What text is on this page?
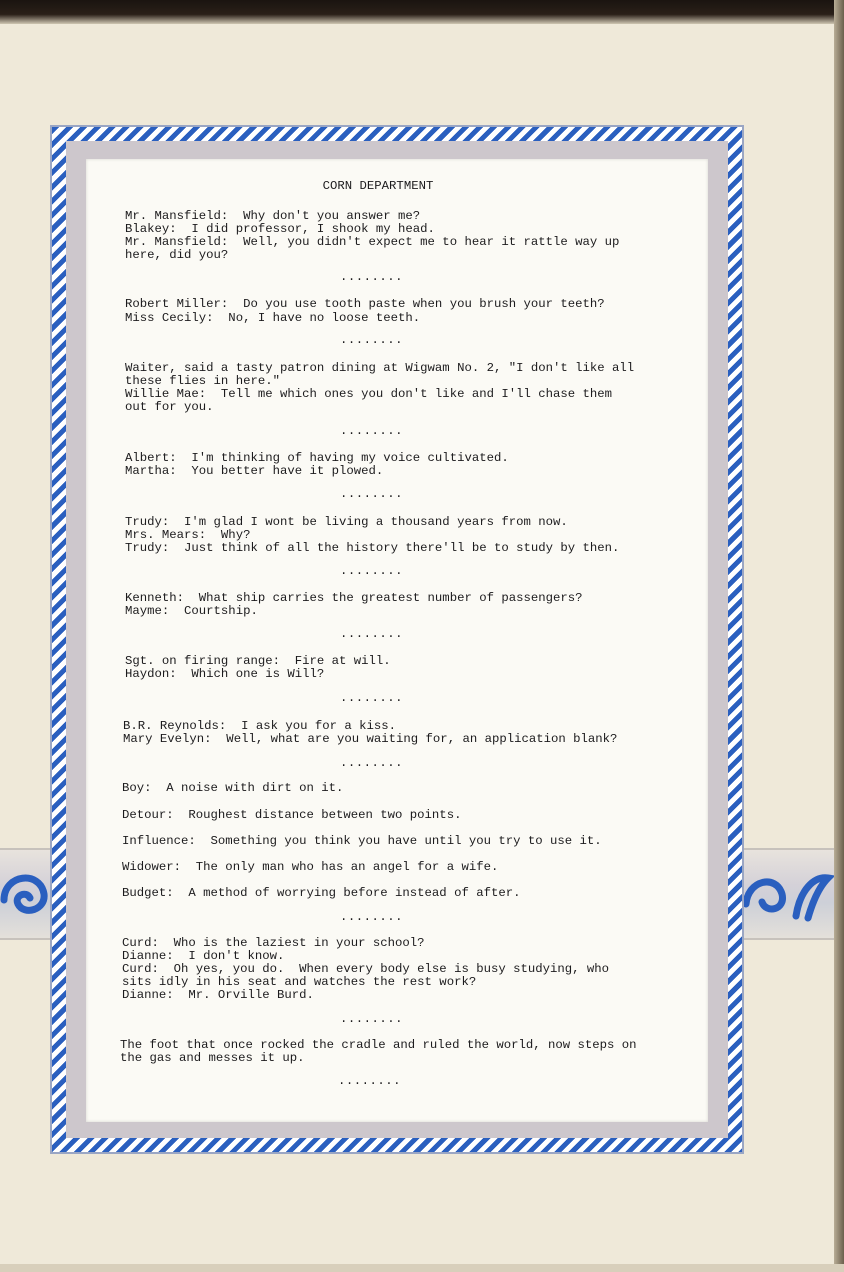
CORN DEPARTMENT
Mr. Mansfield:  Why don't you answer me?
Blakey:  I did professor, I shook my head.
Mr. Mansfield:  Well, you didn't expect me to hear it rattle way up
here, did you?
........
Robert Miller:  Do you use tooth paste when you brush your teeth?
Miss Cecily:  No, I have no loose teeth.
........
Waiter, said a tasty patron dining at Wigwam No. 2, "I don't like all
these flies in here."
Willie Mae:  Tell me which ones you don't like and I'll chase them
out for you.
........
Albert:  I'm thinking of having my voice cultivated.
Martha:  You better have it plowed.
........
Trudy:  I'm glad I wont be living a thousand years from now.
Mrs. Mears:  Why?
Trudy:  Just think of all the history there'll be to study by then.
........
Kenneth:  What ship carries the greatest number of passengers?
Mayme:  Courtship.
........
Sgt. on firing range:  Fire at will.
Haydon:  Which one is Will?
........
B.R. Reynolds:  I ask you for a kiss.
Mary Evelyn:  Well, what are you waiting for, an application blank?
........
Boy:  A noise with dirt on it.
Detour:  Roughest distance between two points.
Influence:  Something you think you have until you try to use it.
Widower:  The only man who has an angel for a wife.
Budget:  A method of worrying before instead of after.
........
Curd:  Who is the laziest in your school?
Dianne:  I don't know.
Curd:  Oh yes, you do.  When every body else is busy studying, who
sits idly in his seat and watches the rest work?
Dianne:  Mr. Orville Burd.
........
The foot that once rocked the cradle and ruled the world, now steps on
the gas and messes it up.
........
